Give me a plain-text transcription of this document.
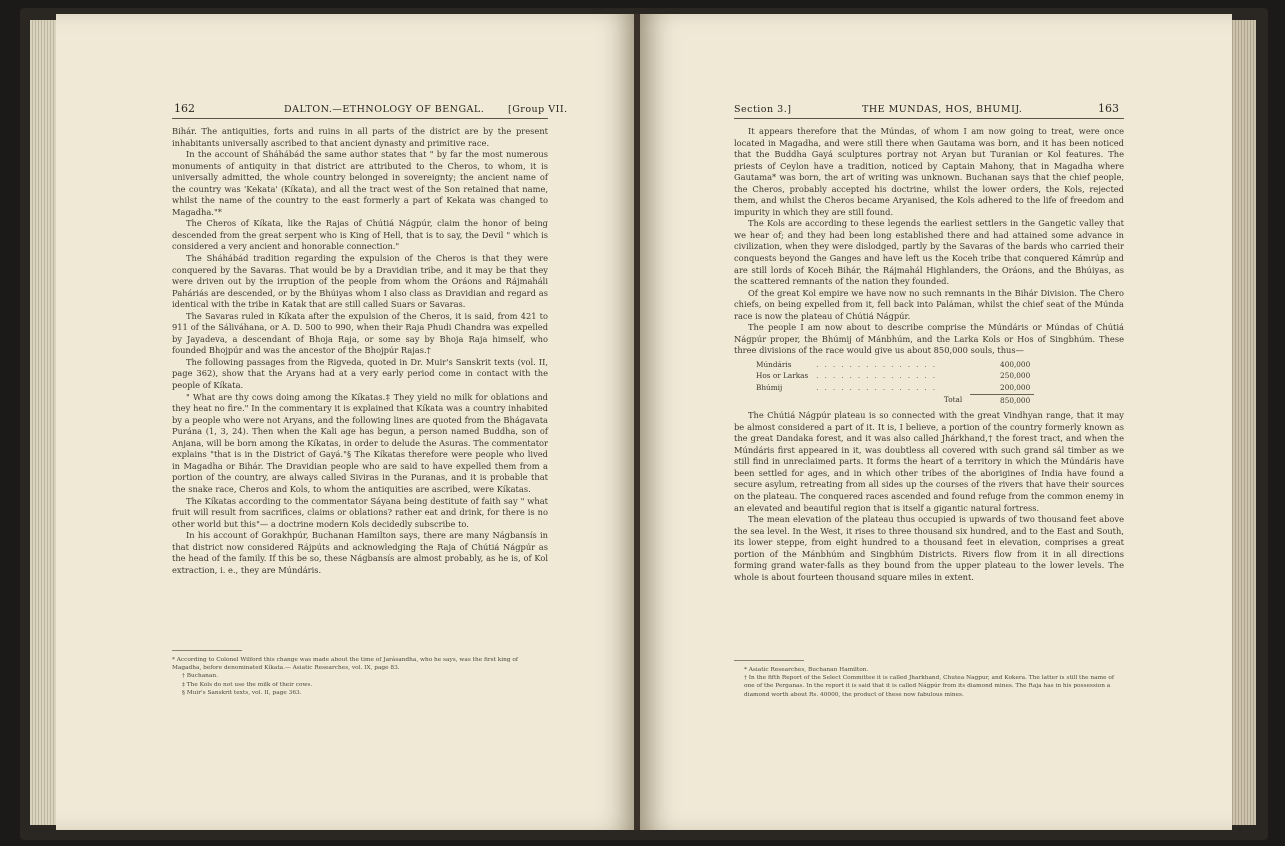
162	DALTON.—ETHNOLOGY OF BENGAL.	[Group VII.

Bihár. The antiquities, forts and ruins in all parts of the district are by the present inhabitants universally ascribed to that ancient dynasty and primitive race.

In the account of Sháhábád the same author states that " by far the most numerous monuments of antiquity in that district are attributed to the Cheros, to whom, it is universally admitted, the whole country belonged in sovereignty; the ancient name of the country was 'Kekata' (Kíkata), and all the tract west of the Son retained that name, whilst the name of the country to the east formerly a part of Kekata was changed to Magadha."*

The Cheros of Kíkata, like the Rajas of Chútiá Nágpúr, claim the honor of being descended from the great serpent who is King of Hell, that is to say, the Devil " which is considered a very ancient and honorable connection."

The Sháhábád tradition regarding the expulsion of the Cheros is that they were conquered by the Savaras. That would be by a Dravidian tribe, and it may be that they were driven out by the irruption of the people from whom the Oráons and Rájmaháli Paháriás are descended, or by the Bhúiyas whom I also class as Dravidian and regard as identical with the tribe in Katak that are still called Suars or Savaras.

The Savaras ruled in Kíkata after the expulsion of the Cheros, it is said, from 421 to 911 of the Sáliváhana, or A. D. 500 to 990, when their Raja Phudi Chandra was expelled by Jayadeva, a descendant of Bhoja Raja, or some say by Bhoja Raja himself, who founded Bhojpúr and was the ancestor of the Bhojpúr Rajas.†

The following passages from the Rigveda, quoted in Dr. Muir's Sanskrit texts (vol. II, page 362), show that the Aryans had at a very early period come in contact with the people of Kíkata.

" What are thy cows doing among the Kíkatas.‡ They yield no milk for oblations and they heat no fire." In the commentary it is explained that Kíkata was a country inhabited by a people who were not Aryans, and the following lines are quoted from the Bhágavata Purána (1, 3, 24). Then when the Kali age has begun, a person named Buddha, son of Anjana, will be born among the Kíkatas, in order to delude the Asuras. The commentator explains "that is in the District of Gayá."§ The Kíkatas therefore were people who lived in Magadha or Bihár. The Dravidian people who are said to have expelled them from a portion of the country, are always called Siviras in the Puranas, and it is probable that the snake race, Cheros and Kols, to whom the antiquities are ascribed, were Kíkatas.

The Kíkatas according to the commentator Sáyana being destitute of faith say " what fruit will result from sacrifices, claims or oblations? rather eat and drink, for there is no other world but this"— a doctrine modern Kols decidedly subscribe to.

In his account of Gorakhpúr, Buchanan Hamilton says, there are many Nágbansís in that district now considered Rájpúts and acknowledging the Raja of Chútiá Nágpúr as the head of the family. If this be so, these Nágbansís are almost probably, as he is, of Kol extraction, i. e., they are Múndáris.

* According to Colonel Wilford this change was made about the time of Jarásandha, who he says, was the first king of Magadha, before denominated Kíkata.— Asiatic Researches, vol. IX, page 83.

† Buchanan.

‡ The Kols do not use the milk of their cows.

§ Muir's Sanskrit texts, vol. II, page 363.

Section 3.]	THE MUNDAS, HOS, BHUMIJ.	163

It appears therefore that the Múndas, of whom I am now going to treat, were once located in Magadha, and were still there when Gautama was born, and it has been noticed that the Buddha Gayá sculptures portray not Aryan but Turanian or Kol features. The priests of Ceylon have a tradition, noticed by Captain Mahony, that in Magadha where Gautama* was born, the art of writing was unknown. Buchanan says that the chief people, the Cheros, probably accepted his doctrine, whilst the lower orders, the Kols, rejected them, and whilst the Cheros became Aryanised, the Kols adhered to the life of freedom and impurity in which they are still found.

The Kols are according to these legends the earliest settlers in the Gangetic valley that we hear of; and they had been long established there and had attained some advance in civilization, when they were dislodged, partly by the Savaras of the bards who carried their conquests beyond the Ganges and have left us the Koceh tribe that conquered Kámrúp and are still lords of Koceh Bihár, the Rájmahál Highlanders, the Oráons, and the Bhúiyas, as the scattered remnants of the nation they founded.

Of the great Kol empire we have now no such remnants in the Bihár Division. The Chero chiefs, on being expelled from it, fell back into Paláman, whilst the chief seat of the Múnda race is now the plateau of Chútiá Nágpúr.

The people I am now about to describe comprise the Múndáris or Múndas of Chútiá Nágpúr proper, the Bhúmij of Mánbhúm, and the Larka Kols or Hos of Singbhúm. These three divisions of the race would give us about 850,000 souls, thus—

Múndáris	...............	400,000
Hos or Larkas	...............	250,000
Bhúmij	...............	200,000
	Total	850,000

The Chútiá Nágpúr plateau is so connected with the great Vindhyan range, that it may be almost considered a part of it. It is, I believe, a portion of the country formerly known as the great Dandaka forest, and it was also called Jhárkhand,† the forest tract, and when the Múndáris first appeared in it, was doubtless all covered with such grand sál timber as we still find in unreclaimed parts. It forms the heart of a territory in which the Múndáris have been settled for ages, and in which other tribes of the aborigines of India have found a secure asylum, retreating from all sides up the courses of the rivers that have their sources on the plateau. The conquered races ascended and found refuge from the common enemy in an elevated and beautiful region that is itself a gigantic natural fortress.

The mean elevation of the plateau thus occupied is upwards of two thousand feet above the sea level. In the West, it rises to three thousand six hundred, and to the East and South, its lower steppe, from eight hundred to a thousand feet in elevation, comprises a great portion of the Mánbhúm and Singbhúm Districts. Rivers flow from it in all directions forming grand water-falls as they bound from the upper plateau to the lower levels. The whole is about fourteen thousand square miles in extent.

* Asiatic Researches, Buchanan Hamilton.

† In the fifth Report of the Select Committee it is called Jharkhand, Chutea Nagpur, and Kokera. The latter is still the name of one of the Perganas. In the report it is said that it is called Nágpúr from its diamond mines. The Raja has in his possession a diamond worth about Rs. 40000, the product of these now fabulous mines.
